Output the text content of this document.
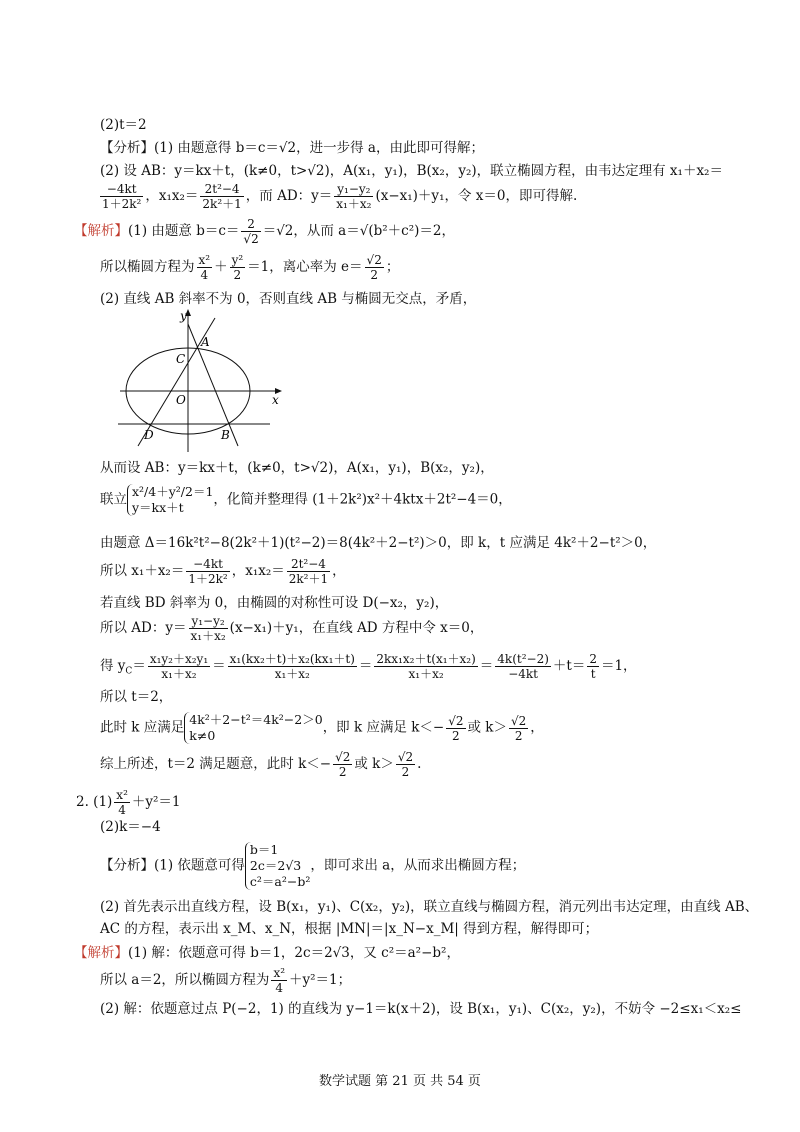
(2)t＝2
【分析】(1) 由题意得 b＝c＝√2，进一步得 a，由此即可得解；
(2) 设 AB：y＝kx＋t，(k≠0，t>√2)，A(x₁，y₁)，B(x₂，y₂)，联立椭圆方程，由韦达定理有 x₁＋x₂＝
$\frac{-4kt}{\text{1＋2k²}}$ ，$x_1x_2= \frac{\text{2t²−4}}{\text{2k²＋1}}$ ，而 AD：$y= \frac{\text{y₁−y₂}}{\text{x₁＋x₂}} (x-x_1)+y_1$，令 x＝0，即可得解.
【解析】(1) 由题意 $b=c= \frac{2}{√2} =√2$，从而 a＝√(b²＋c²)＝2，
所以椭圆方程为 $\frac{\text{x²}}{4} + \frac{\text{y²}}{2} =1$，离心率为 $e= \frac{√2}{2}$ ；
(2) 直线 AB 斜率不为 0，否则直线 AB 与椭圆无交点，矛盾，
y
x
A
C
O
D	B
从而设 AB：y＝kx＋t，(k≠0，t>√2)，A(x₁，y₁)，B(x₂，y₂)，
联立 x²/4＋y²/2＝1
y＝kx＋t	，化简并整理得 (1＋2k²)x²＋4ktx＋2t²−4＝0，
由题意 Δ＝16k²t²−8(2k²＋1)(t²−2)＝8(4k²＋2−t²)＞0，即 k，t 应满足 4k²＋2−t²＞0，
所以 $x_1+x_2= \frac{-4kt}{\text{1＋2k²}}$ ，$x_1x_2= \frac{\text{2t²−4}}{\text{2k²＋1}}$ ，
若直线 BD 斜率为 0，由椭圆的对称性可设 D(−x₂，y₂)，
所以 AD：$y= \frac{\text{y₁−y₂}}{\text{x₁＋x₂}} (x-x_1)+y_1$，在直线 AD 方程中令 x＝0，
得 $y_C= \frac{\text{x₁y₂＋x₂y₁}}{\text{x₁＋x₂}} = \frac{\text{x₁(kx₂＋t)＋x₂(kx₁＋t)}}{\text{x₁＋x₂}} = \frac{\text{2kx₁x₂＋t(x₁＋x₂)}}{\text{x₁＋x₂}} = \frac{\text{4k(t²−2)}}{-4kt} +t= \frac{2}{t} =1$，
所以 t＝2，
此时 k 应满足 4k²＋2−t²＝4k²−2＞0
k≠0	，即 k 应满足 $k<- \frac{√2}{2}$ 或 $k> \frac{√2}{2}$ ，
综上所述，t＝2 满足题意，此时 $k<- \frac{√2}{2}$ 或 $k> \frac{√2}{2}$ .
2. $(1) \frac{\text{x²}}{4} +y^2=1$
(2)k＝−4
【分析】(1) 依题意可得
b＝1
2c＝2√3
c²＝a²−b²
，即可求出 a，从而求出椭圆方程；
(2) 首先表示出直线方程，设 B(x₁，y₁)、C(x₂，y₂)，联立直线与椭圆方程，消元列出韦达定理，由直线 AB、
AC 的方程，表示出 x_M、x_N，根据 |MN|＝|x_N−x_M| 得到方程，解得即可；
【解析】(1) 解：依题意可得 b＝1，2c＝2√3，又 c²＝a²−b²，
所以 a＝2，所以椭圆方程为 $\frac{\text{x²}}{4} +y^2=1$；
(2) 解：依题意过点 P(−2，1) 的直线为 y−1＝k(x＋2)，设 B(x₁，y₁)、C(x₂，y₂)，不妨令 −2≤x₁＜x₂≤
数学试题 第 21 页 共 54 页
